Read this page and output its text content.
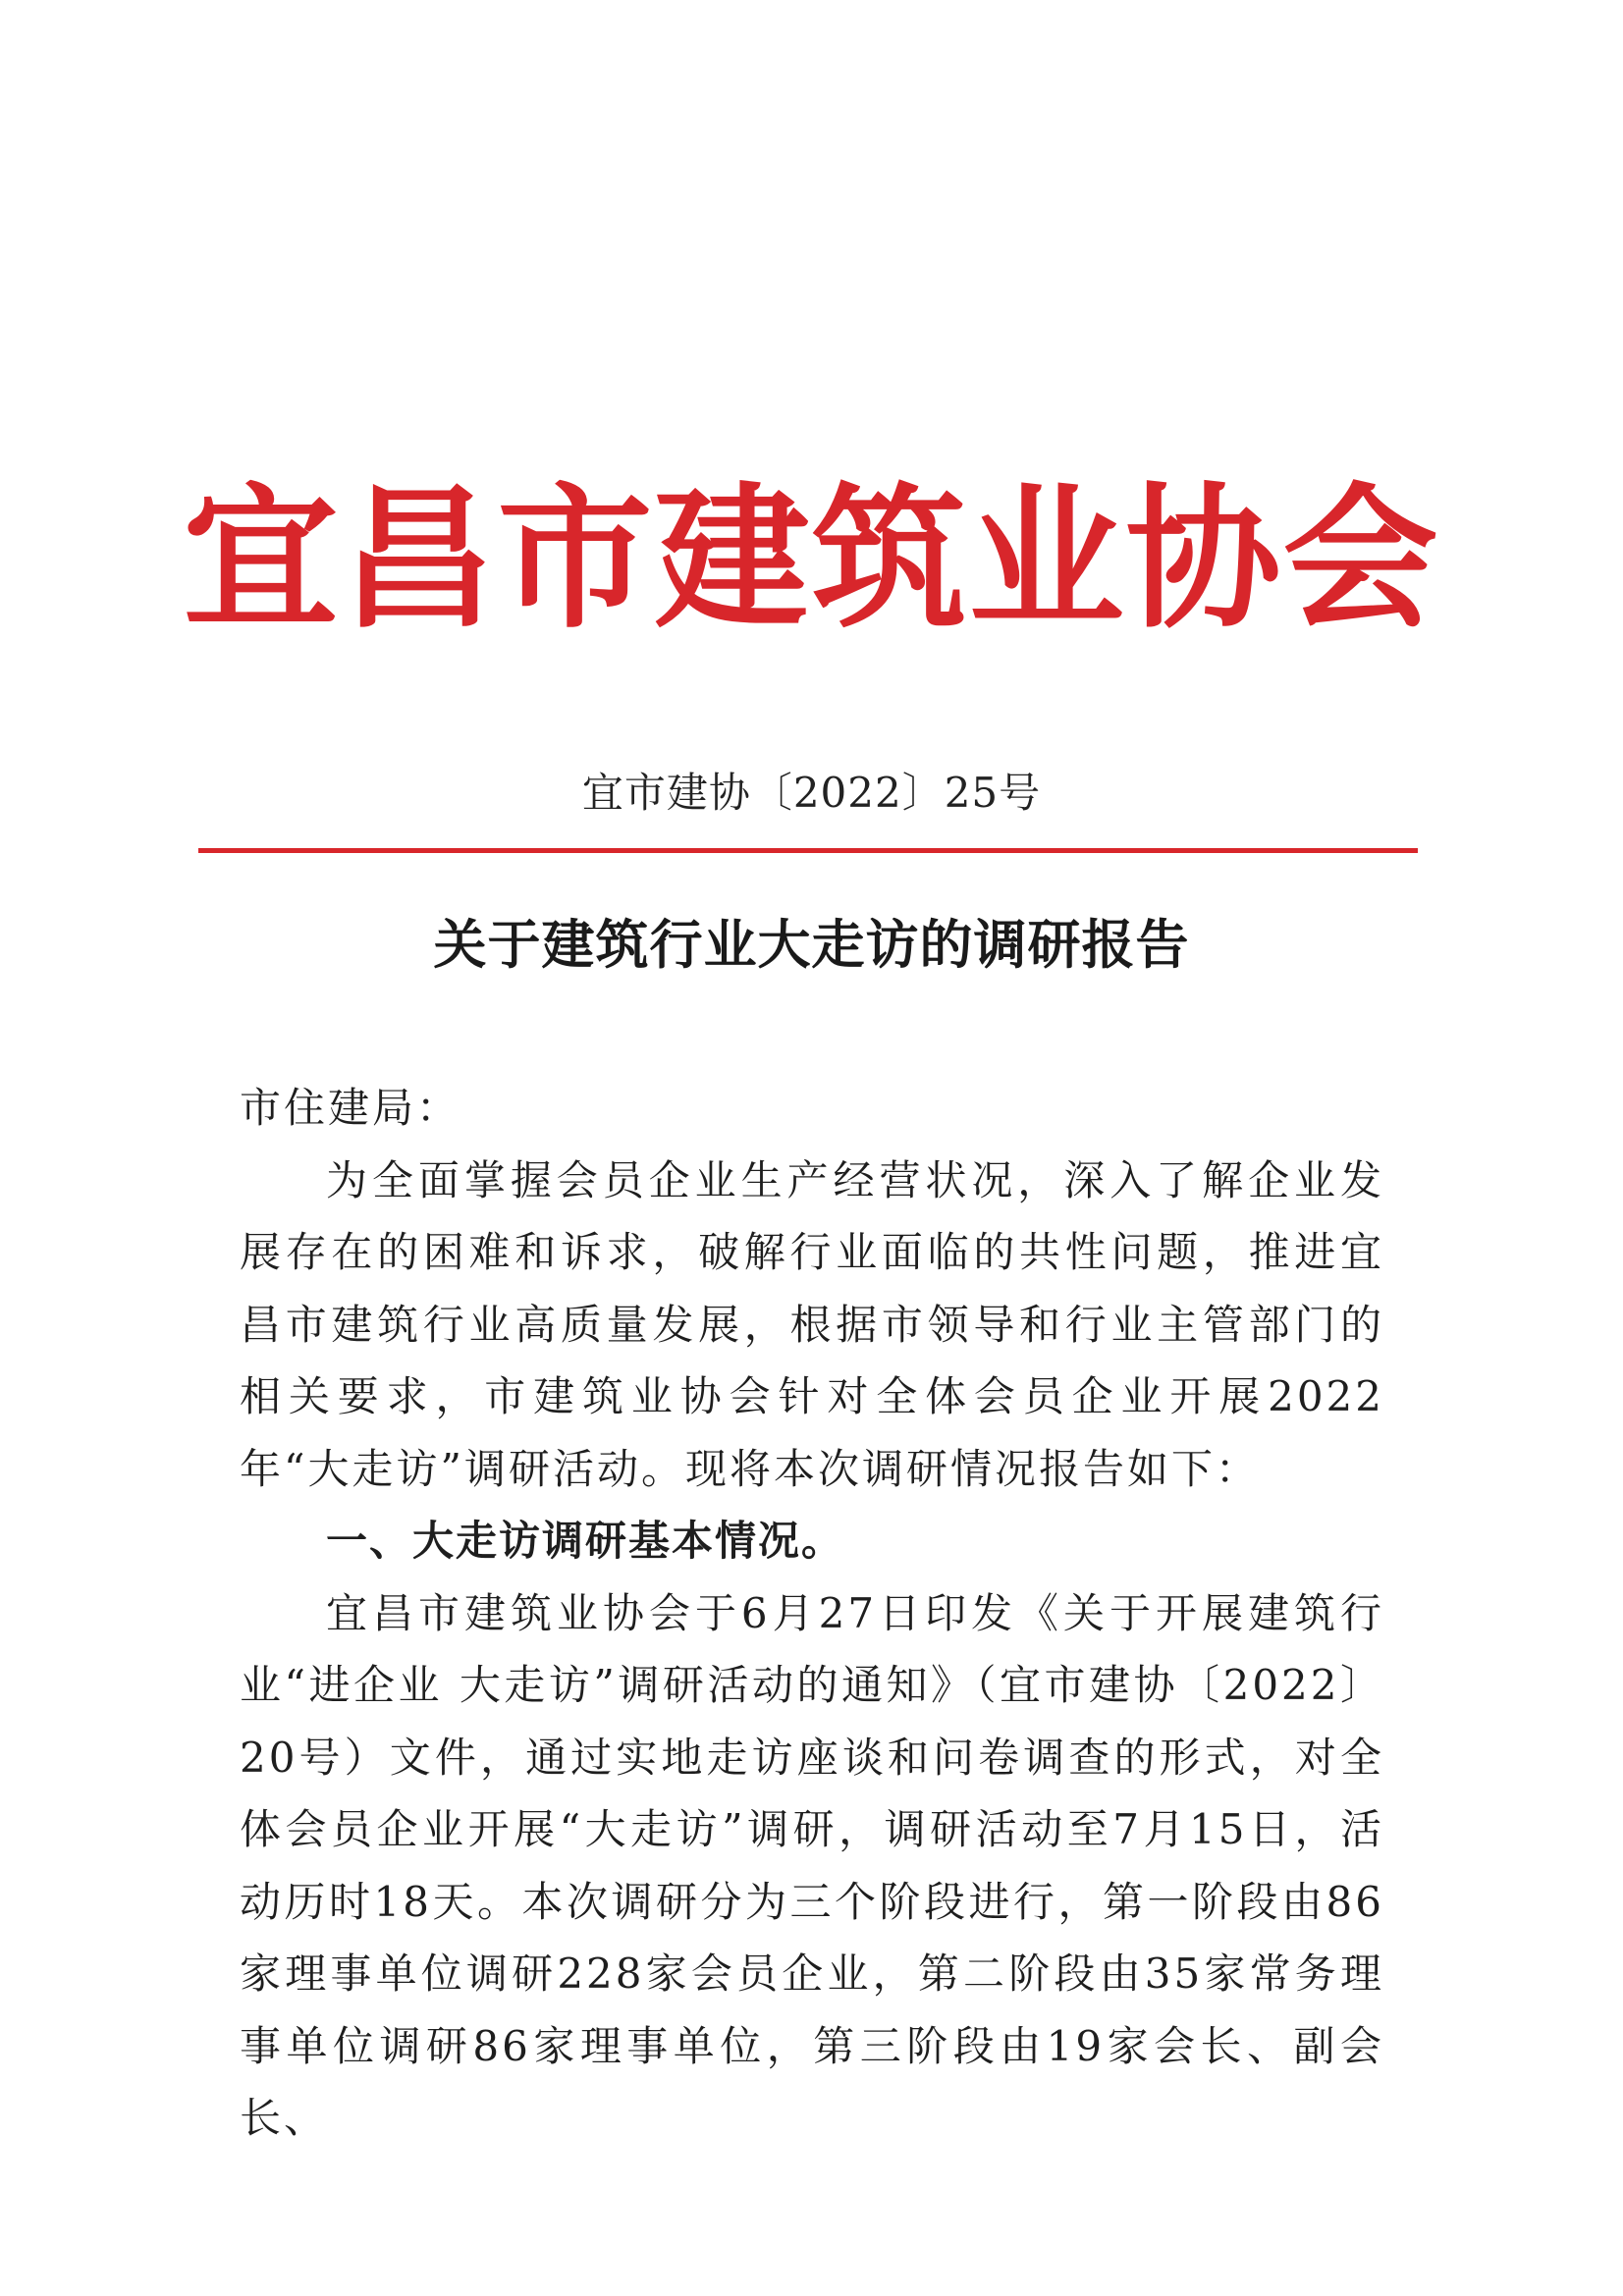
宜昌市建筑业协会
宜市建协〔2022〕25号
关于建筑行业大走访的调研报告

市住建局：

为全面掌握会员企业生产经营状况，深入了解企业发展存在的困难和诉求，破解行业面临的共性问题，推进宜昌市建筑行业高质量发展，根据市领导和行业主管部门的相关要求，市建筑业协会针对全体会员企业开展2022年“大走访”调研活动。现将本次调研情况报告如下：

一、大走访调研基本情况。

宜昌市建筑业协会于6月27日印发《关于开展建筑行业“进企业 大走访”调研活动的通知》（宜市建协〔2022〕20号）文件，通过实地走访座谈和问卷调查的形式，对全体会员企业开展“大走访”调研，调研活动至7月15日，活动历时18天。本次调研分为三个阶段进行，第一阶段由86家理事单位调研228家会员企业，第二阶段由35家常务理事单位调研86家理事单位，第三阶段由19家会长、副会长、
